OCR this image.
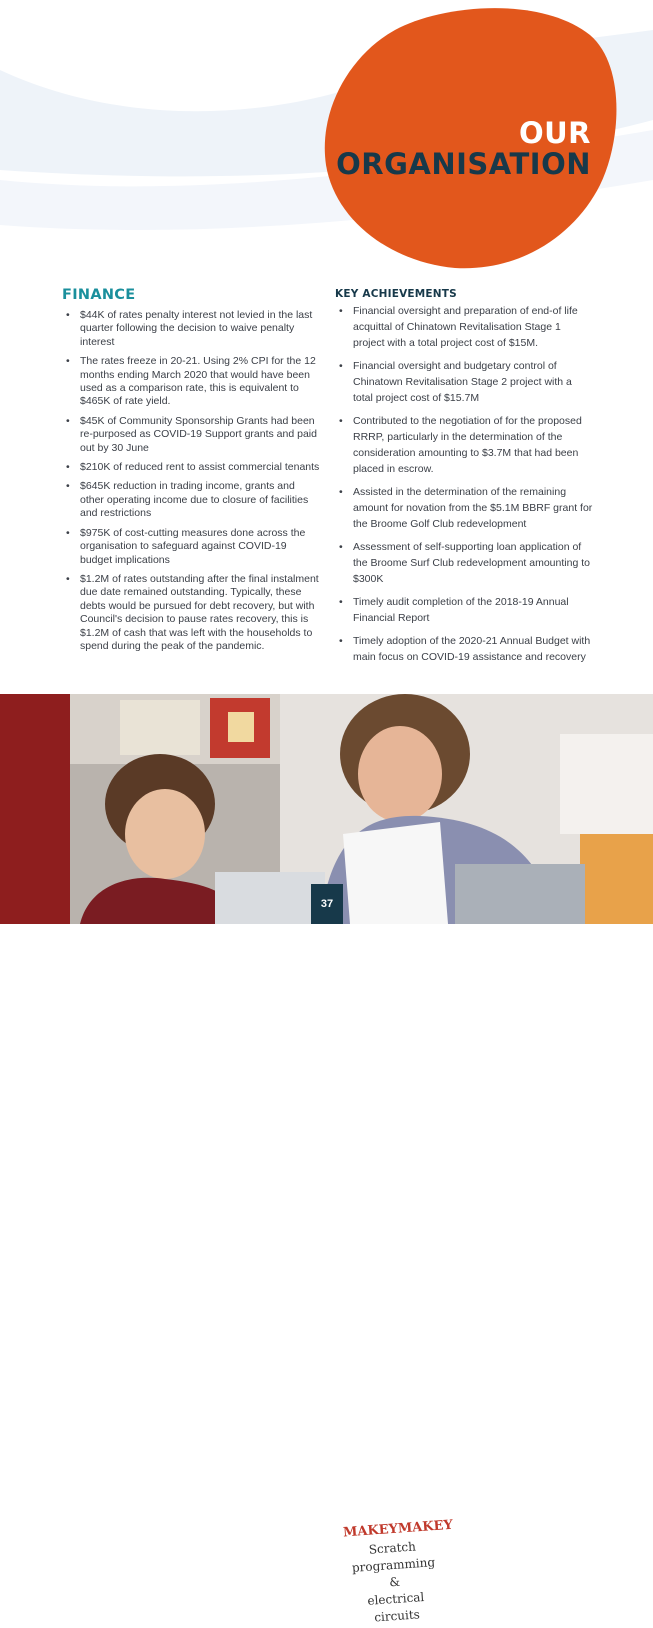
OUR
ORGANISATION
FINANCE
• $44K of rates penalty interest not levied in the last quarter following the decision to waive penalty interest
• The rates freeze in 20-21. Using 2% CPI for the 12 months ending March 2020 that would have been used as a comparison rate, this is equivalent to $465K of rate yield.
• $45K of Community Sponsorship Grants had been re-purposed as COVID-19 Support grants and paid out by 30 June
• $210K of reduced rent to assist commercial tenants
• $645K reduction in trading income, grants and other operating income due to closure of facilities and restrictions
• $975K of cost-cutting measures done across the organisation to safeguard against COVID-19 budget implications
• $1.2M of rates outstanding after the final instalment due date remained outstanding. Typically, these debts would be pursued for debt recovery, but with Council's decision to pause rates recovery, this is $1.2M of cash that was left with the households to spend during the peak of the pandemic.
KEY ACHIEVEMENTS
• Financial oversight and preparation of end-of life acquittal of Chinatown Revitalisation Stage 1 project with a total project cost of $15M.
• Financial oversight and budgetary control of Chinatown Revitalisation Stage 2 project with a total project cost of $15.7M
• Contributed to the negotiation of for the proposed RRRP, particularly in the determination of the consideration amounting to $3.7M that had been placed in escrow.
• Assisted in the determination of the remaining amount for novation from the $5.1M BBRF grant for the Broome Golf Club redevelopment
• Assessment of self-supporting loan application of the Broome Surf Club redevelopment amounting to $300K
• Timely audit completion of the 2018-19 Annual Financial Report
• Timely adoption of the 2020-21 Annual Budget with main focus on COVID-19 assistance and recovery
MAKEYMAKEY
Scratch
programming &
electrical circuits
37
